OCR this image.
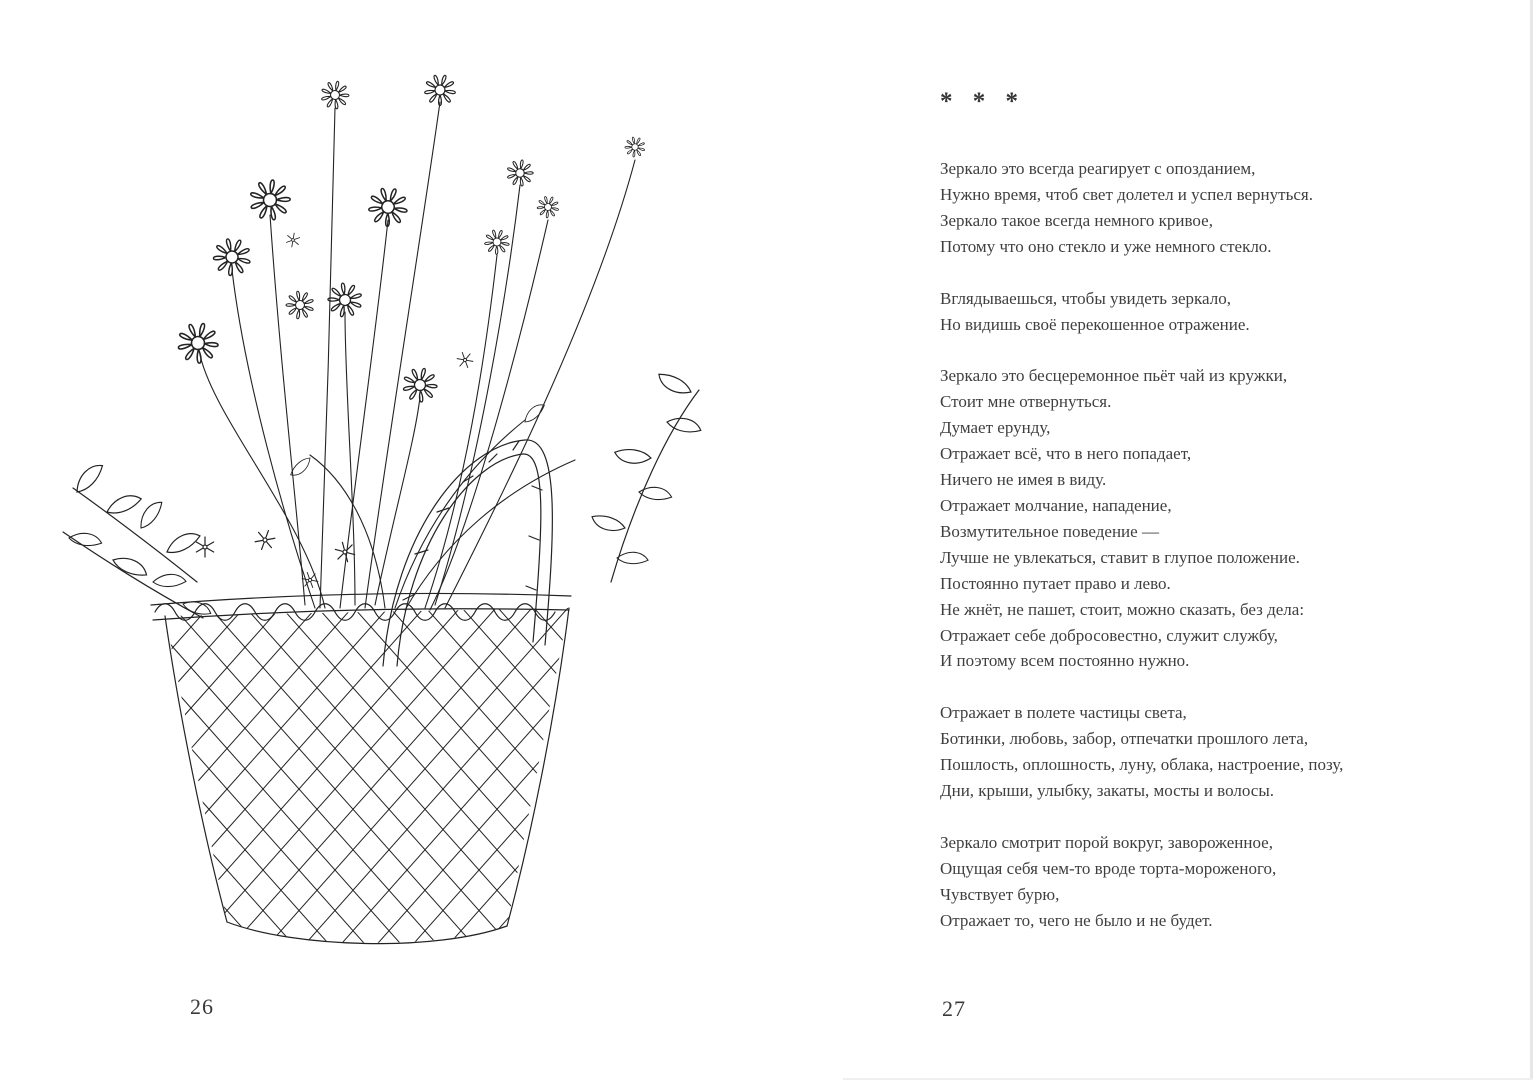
26
* * *
Зеркало это всегда реагирует с опозданием,
Нужно время, чтоб свет долетел и успел вернуться.
Зеркало такое всегда немного кривое,
Потому что оно стекло и уже немного стекло.
Вглядываешься, чтобы увидеть зеркало,
Но видишь своё перекошенное отражение.
Зеркало это бесцеремонное пьёт чай из кружки,
Стоит мне отвернуться.
Думает ерунду,
Отражает всё, что в него попадает,
Ничего не имея в виду.
Отражает молчание, нападение,
Возмутительное поведение —
Лучше не увлекаться, ставит в глупое положение.
Постоянно путает право и лево.
Не жнёт, не пашет, стоит, можно сказать, без дела:
Отражает себе добросовестно, служит службу,
И поэтому всем постоянно нужно.
Отражает в полете частицы света,
Ботинки, любовь, забор, отпечатки прошлого лета,
Пошлость, оплошность, луну, облака, настроение, позу,
Дни, крыши, улыбку, закаты, мосты и волосы.
Зеркало смотрит порой вокруг, завороженное,
Ощущая себя чем-то вроде торта-мороженого,
Чувствует бурю,
Отражает то, чего не было и не будет.
27
